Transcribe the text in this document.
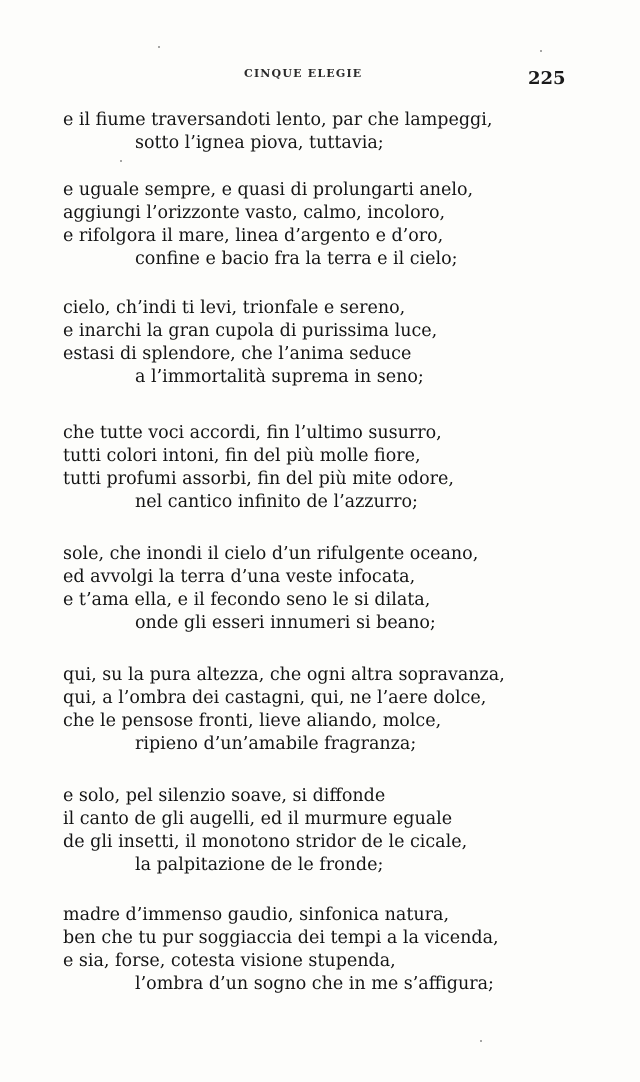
CINQUE ELEGIE	225
e il fiume traversandoti lento, par che lampeggi,
sotto l’ignea piova, tuttavia;
e uguale sempre, e quasi di prolungarti anelo,
aggiungi l’orizzonte vasto, calmo, incoloro,
e rifolgora il mare, linea d’argento e d’oro,
confine e bacio fra la terra e il cielo;
cielo, ch’indi ti levi, trionfale e sereno,
e inarchi la gran cupola di purissima luce,
estasi di splendore, che l’anima seduce
a l’immortalità suprema in seno;
che tutte voci accordi, fin l’ultimo susurro,
tutti colori intoni, fin del più molle fiore,
tutti profumi assorbi, fin del più mite odore,
nel cantico infinito de l’azzurro;
sole, che inondi il cielo d’un rifulgente oceano,
ed avvolgi la terra d’una veste infocata,
e t’ama ella, e il fecondo seno le si dilata,
onde gli esseri innumeri si beano;
qui, su la pura altezza, che ogni altra sopravanza,
qui, a l’ombra dei castagni, qui, ne l’aere dolce,
che le pensose fronti, lieve aliando, molce,
ripieno d’un’amabile fragranza;
e solo, pel silenzio soave, si diffonde
il canto de gli augelli, ed il murmure eguale
de gli insetti, il monotono stridor de le cicale,
la palpitazione de le fronde;
madre d’immenso gaudio, sinfonica natura,
ben che tu pur soggiaccia dei tempi a la vicenda,
e sia, forse, cotesta visione stupenda,
l’ombra d’un sogno che in me s’affigura;
